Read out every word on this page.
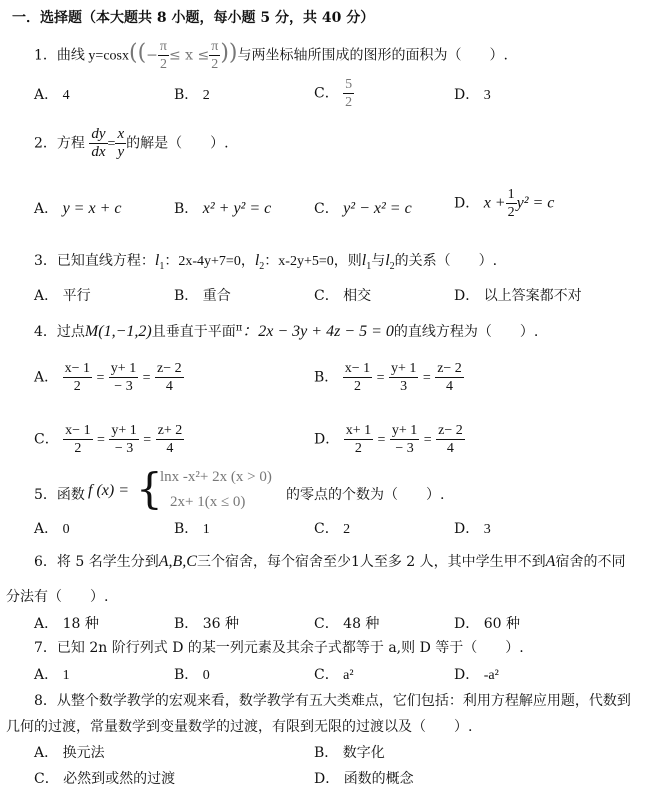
一．选择题（本大题共 8 小题，每小题 5 分，共 40 分）
1．曲线 $y=\cos x((- \frac{\pi}{2} \le x \le \frac{\pi}{2}$ ))与两坐标轴所围成的图形的面积为（　　）.
A． 4	B． 2	C． $\frac{5}{2}$	D． 3
2．方程 $\frac{dy}{dx} = \frac{x}{y}$ 的解是（　　）.
A． y = x + c	B． x² + y² = c	C． y² − x² = c	D． $x + \frac{1}{2} y^2 = c$
3．已知直线方程：$l_1$：2x-4y+7=0，$l_2$：x-2y+5=0，则$l_1$与$l_2$的关系（　　）.
A． 平行	B． 重合	C． 相交	D． 以上答案都不对
4．过点M(1,−1,2)且垂直于平面$^\pi$：2x − 3y + 4z − 5 = 0的直线方程为（　　）.
A． $\frac{x- 1}{2} = \frac{y+ 1}{- 3} = \frac{z- 2}{4}$	B． $\frac{x- 1}{2} = \frac{y+ 1}{3} = \frac{z- 2}{4}$
C． $\frac{x- 1}{2} = \frac{y+ 1}{- 3} = \frac{z+ 2}{4}$	D． $\frac{x+ 1}{2} = \frac{y+ 1}{- 3} = \frac{z- 2}{4}$
5．函数 f (x) = {
lnx -x²+ 2x (x > 0)
2x+ 1(x ≤ 0)	的零点的个数为（　　）.
A． 0	B． 1	C． 2	D． 3
6．将 5 名学生分到A,B,C三个宿舍，每个宿舍至少1人至多 2 人，其中学生甲不到A宿舍的不同
分法有（　　）.
A． 18 种	B． 36 种	C． 48 种	D． 60 种
7．已知 2n 阶行列式 D 的某一列元素及其余子式都等于 a,则 D 等于（　　）.
A． 1	B． 0	C． a²	D． -a²
8．从整个数学教学的宏观来看，数学教学有五大类难点，它们包括：利用方程解应用题，代数到
几何的过渡，常量数学到变量数学的过渡，有限到无限的过渡以及（　　）.
A． 换元法	B． 数字化
C． 必然到或然的过渡	D． 函数的概念
